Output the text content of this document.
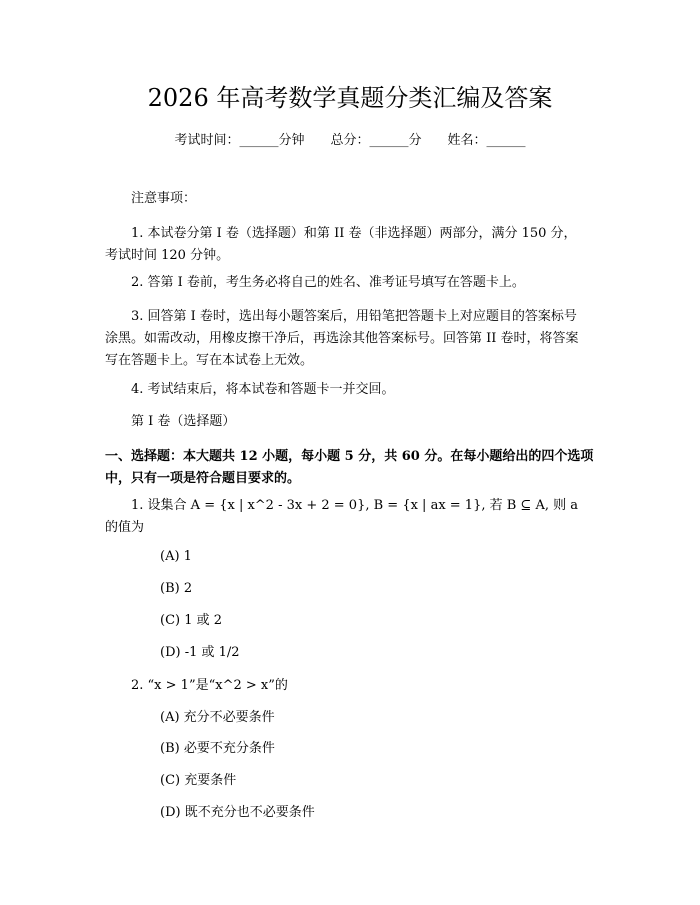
2026 年高考数学真题分类汇编及答案
考试时间：______分钟 总分：______分 姓名：______
注意事项：
1. 本试卷分第 I 卷（选择题）和第 II 卷（非选择题）两部分，满分 150 分，考试时间 120 分钟。
2. 答第 I 卷前，考生务必将自己的姓名、准考证号填写在答题卡上。
3. 回答第 I 卷时，选出每小题答案后，用铅笔把答题卡上对应题目的答案标号涂黑。如需改动，用橡皮擦干净后，再选涂其他答案标号。回答第 II 卷时，将答案写在答题卡上。写在本试卷上无效。
4. 考试结束后，将本试卷和答题卡一并交回。
第 I 卷（选择题）
一、选择题：本大题共 12 小题，每小题 5 分，共 60 分。在每小题给出的四个选项中，只有一项是符合题目要求的。
1. 设集合 A = {x | x^2 - 3x + 2 = 0}, B = {x | ax = 1}, 若 B ⊆ A, 则 a 的值为
(A) 1
(B) 2
(C) 1 或 2
(D) -1 或 1/2
2. “x > 1”是“x^2 > x”的
(A) 充分不必要条件
(B) 必要不充分条件
(C) 充要条件
(D) 既不充分也不必要条件
